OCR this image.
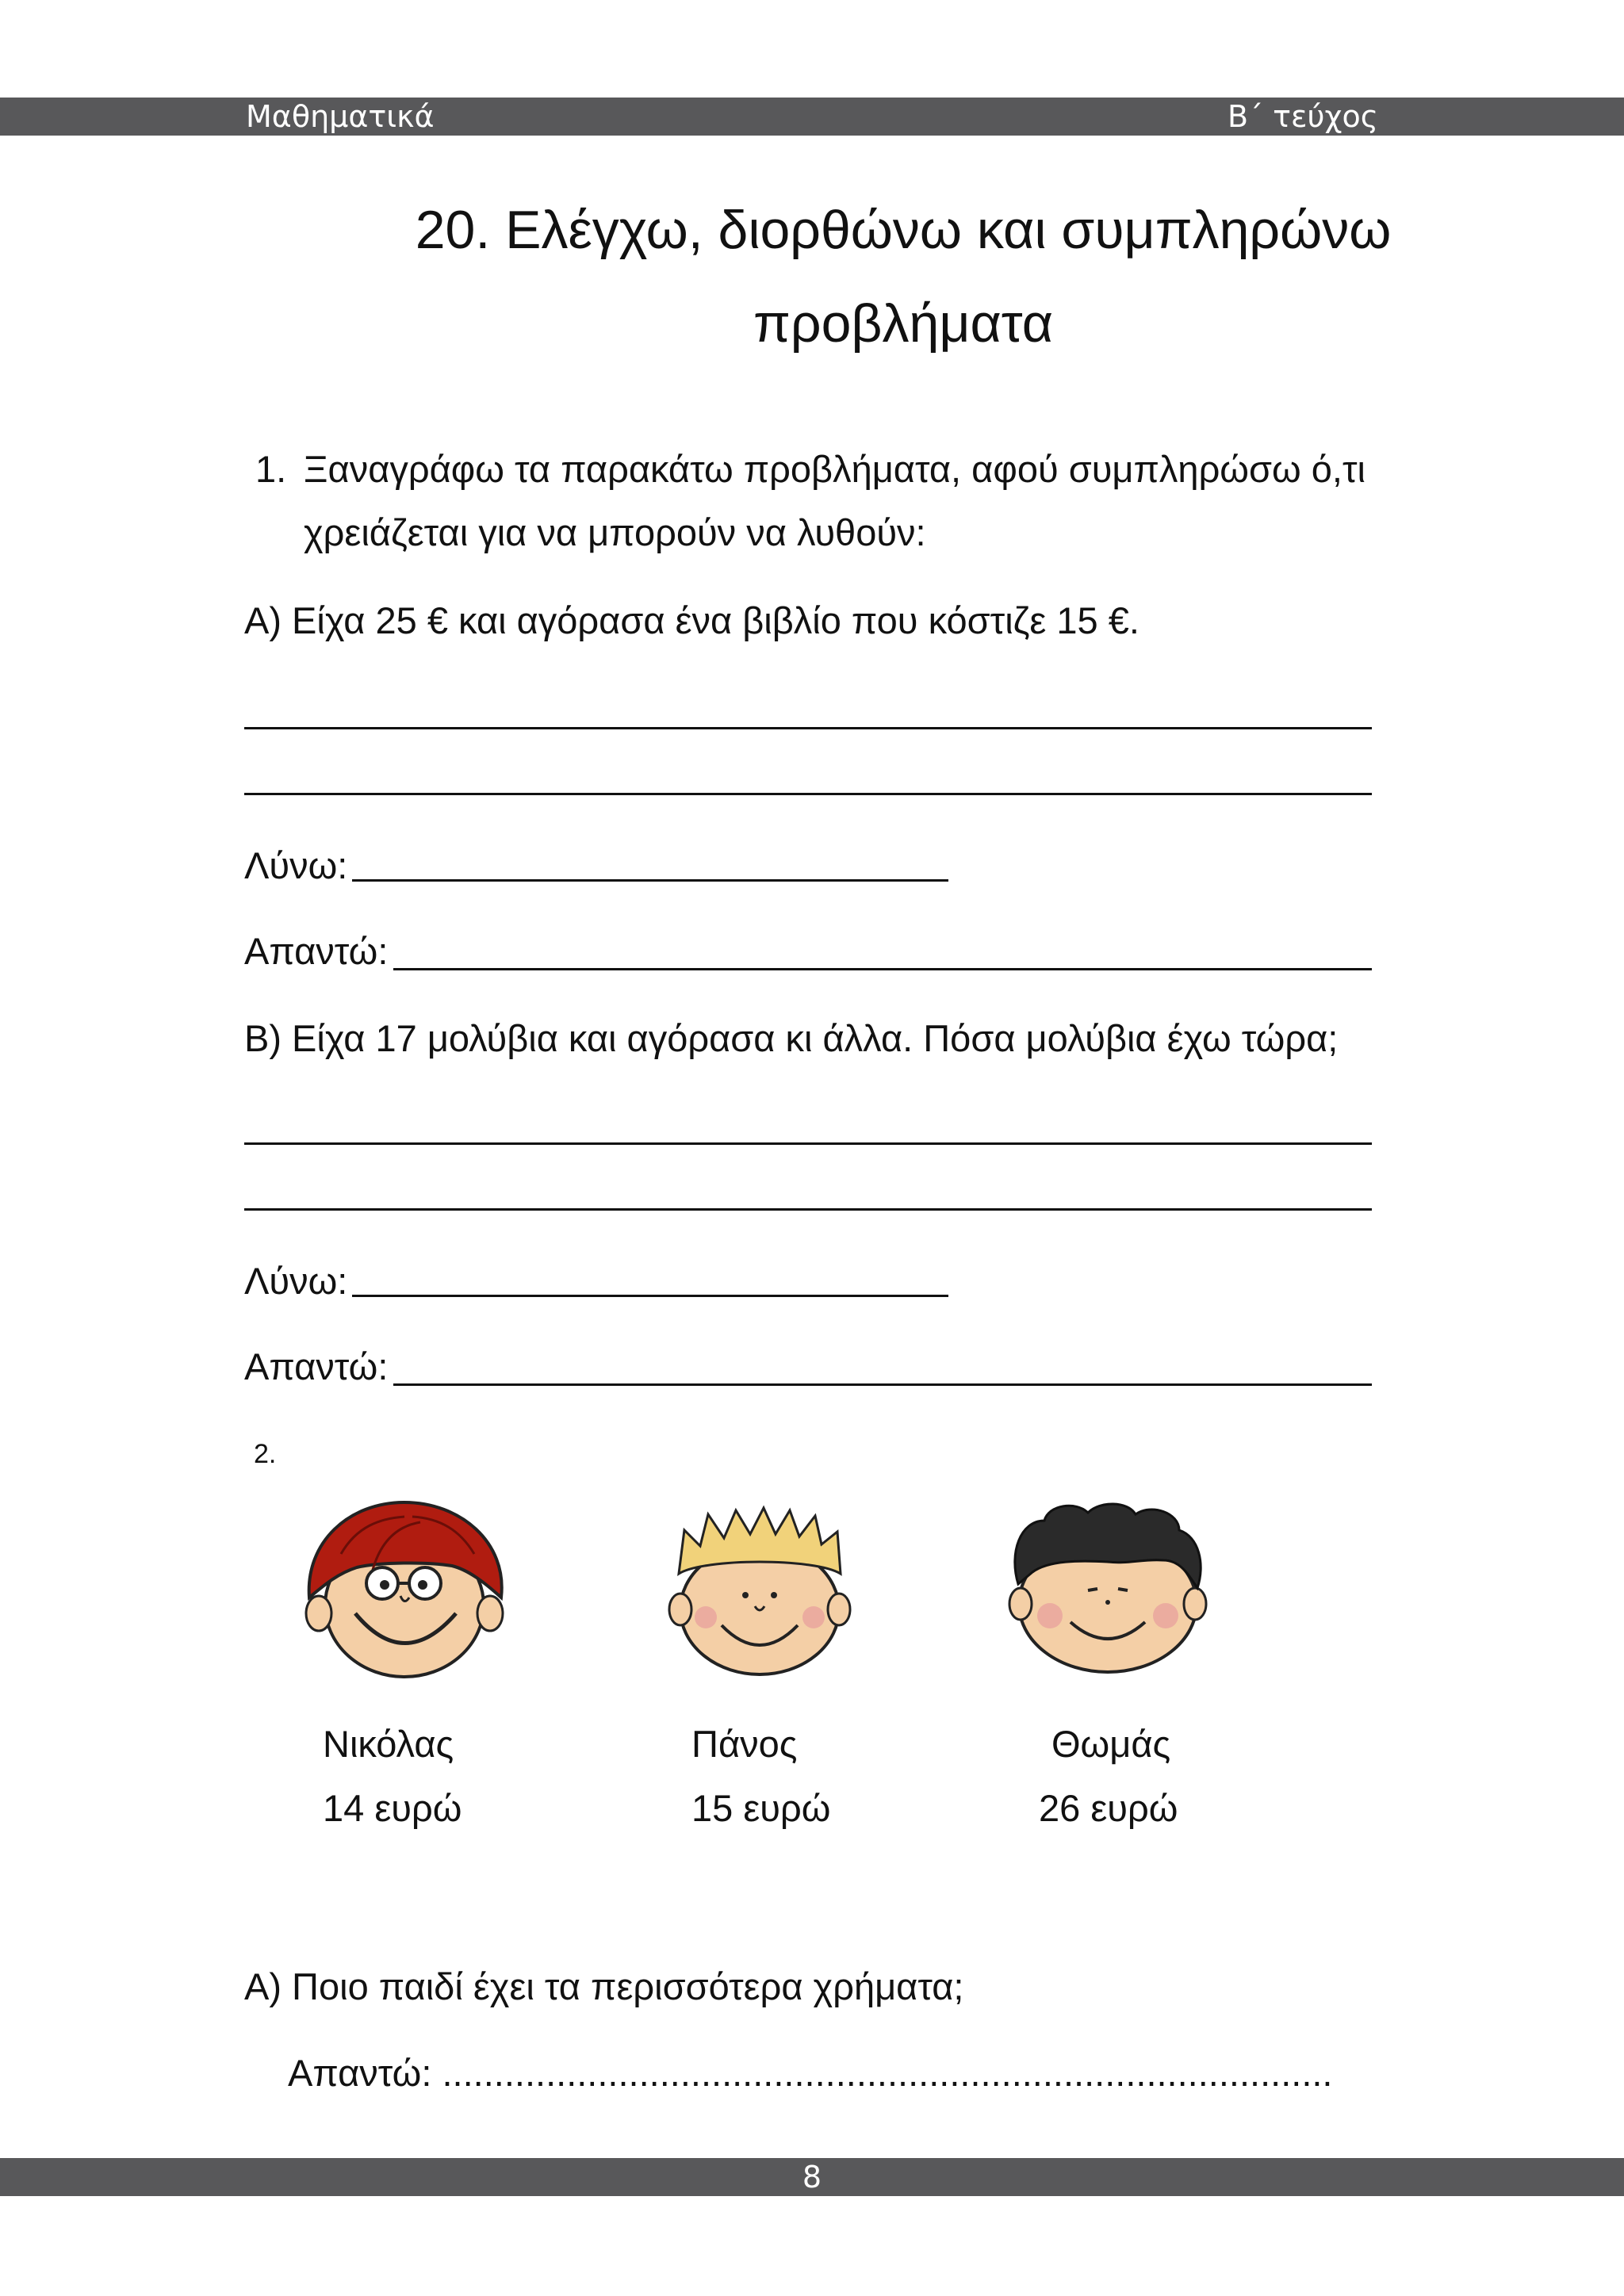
Μαθηματικά	Β΄ τεύχος
20. Ελέγχω, διορθώνω και συμπληρώνω
προβλήματα
1. Ξαναγράφω τα παρακάτω προβλήματα, αφού συμπληρώσω ό,τι
χρειάζεται για να μπορούν να λυθούν:
Α) Είχα 25 € και αγόρασα ένα βιβλίο που κόστιζε 15 €.
Λύνω:
Απαντώ:
Β) Είχα 17 μολύβια και αγόρασα κι άλλα. Πόσα μολύβια έχω τώρα;
Λύνω:
Απαντώ:
2.
Νικόλας
14 ευρώ
Πάνος
15 ευρώ
Θωμάς
26 ευρώ
Α) Ποιο παιδί έχει τα περισσότερα χρήματα;
Απαντώ: ......................................................................................
8
